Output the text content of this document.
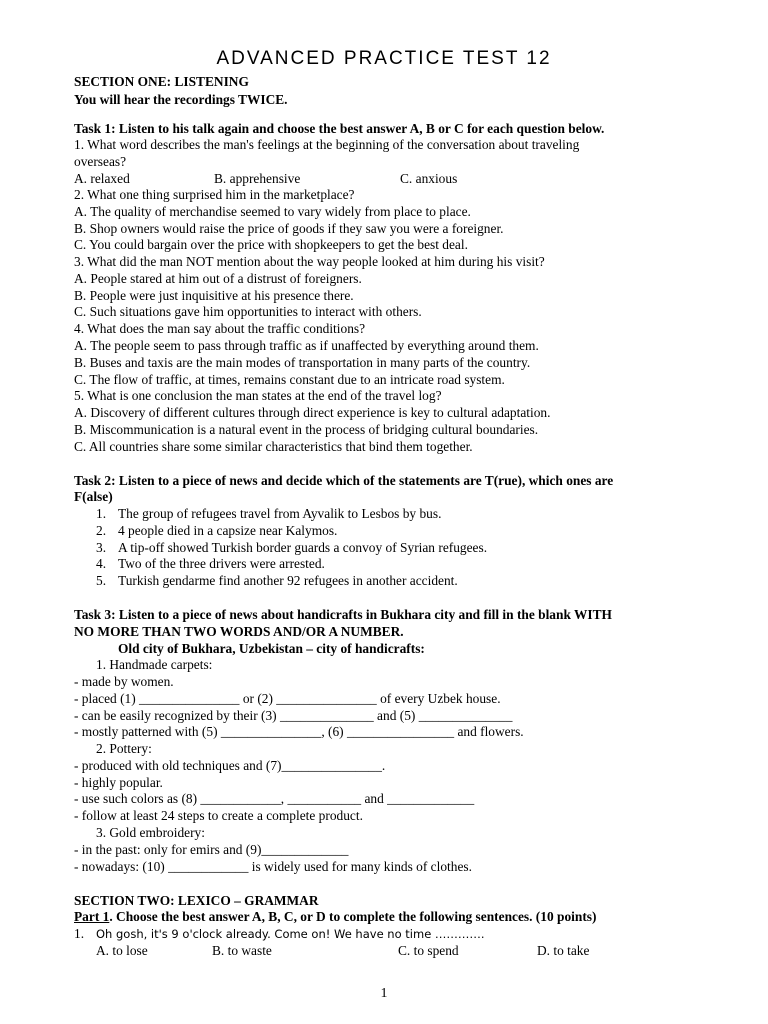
ADVANCED PRACTICE TEST 12
SECTION ONE: LISTENING
You will hear the recordings TWICE.
Task 1: Listen to his talk again and choose the best answer A, B or C for each question below.
1. What word describes the man's feelings at the beginning of the conversation about traveling
overseas?
A. relaxed	B. apprehensive	C. anxious
2. What one thing surprised him in the marketplace?
A. The quality of merchandise seemed to vary widely from place to place.
B. Shop owners would raise the price of goods if they saw you were a foreigner.
C. You could bargain over the price with shopkeepers to get the best deal.
3. What did the man NOT mention about the way people looked at him during his visit?
A. People stared at him out of a distrust of foreigners.
B. People were just inquisitive at his presence there.
C. Such situations gave him opportunities to interact with others.
4. What does the man say about the traffic conditions?
A. The people seem to pass through traffic as if unaffected by everything around them.
B. Buses and taxis are the main modes of transportation in many parts of the country.
C. The flow of traffic, at times, remains constant due to an intricate road system.
5. What is one conclusion the man states at the end of the travel log?
A. Discovery of different cultures through direct experience is key to cultural adaptation.
B. Miscommunication is a natural event in the process of bridging cultural boundaries.
C. All countries share some similar characteristics that bind them together.
Task 2: Listen to a piece of news and decide which of the statements are T(rue), which ones are
F(alse)
1. The group of refugees travel from Ayvalik to Lesbos by bus.
2. 4 people died in a capsize near Kalymos.
3. A tip-off showed Turkish border guards a convoy of Syrian refugees.
4. Two of the three drivers were arrested.
5. Turkish gendarme find another 92 refugees in another accident.
Task 3: Listen to a piece of news about handicrafts in Bukhara city and fill in the blank WITH
NO MORE THAN TWO WORDS AND/OR A NUMBER.
Old city of Bukhara, Uzbekistan – city of handicrafts:
1. Handmade carpets:
- made by women.
- placed (1) _______________ or (2) _______________ of every Uzbek house.
- can be easily recognized by their (3) ______________ and (5) ______________
- mostly patterned with (5) _______________, (6) ________________ and flowers.
2. Pottery:
- produced with old techniques and (7)_______________.
- highly popular.
- use such colors as (8) ____________, ___________ and _____________
- follow at least 24 steps to create a complete product.
3. Gold embroidery:
- in the past: only for emirs and (9)_____________
- nowadays: (10) ____________ is widely used for many kinds of clothes.
SECTION TWO: LEXICO – GRAMMAR
Part 1. Choose the best answer A, B, C, or D to complete the following sentences. (10 points)
1. Oh gosh, it's 9 o'clock already. Come on! We have no time ………….
A. to lose	B. to waste	C. to spend	D. to take
1
